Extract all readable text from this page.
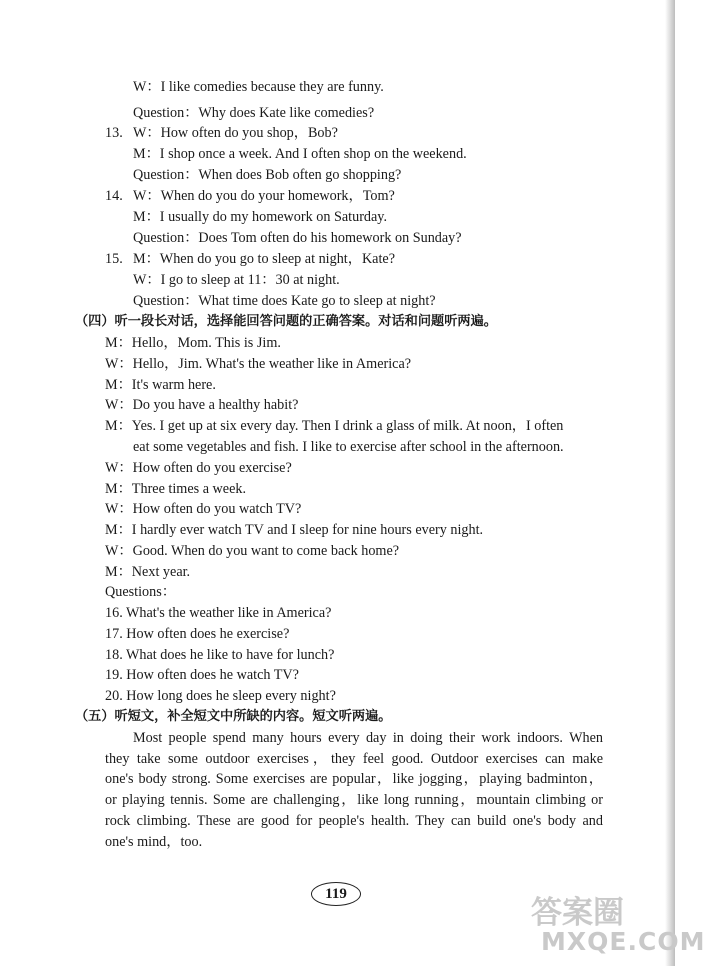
W：I like comedies because they are funny.
Question：Why does Kate like comedies?
13. W：How often do you shop，Bob?
M：I shop once a week. And I often shop on the weekend.
Question：When does Bob often go shopping?
14. W：When do you do your homework，Tom?
M：I usually do my homework on Saturday.
Question：Does Tom often do his homework on Sunday?
15. M：When do you go to sleep at night，Kate?
W：I go to sleep at 11：30 at night.
Question：What time does Kate go to sleep at night?
（四）听一段长对话，选择能回答问题的正确答案。对话和问题听两遍。
M：Hello，Mom. This is Jim.
W：Hello，Jim. What's the weather like in America?
M：It's warm here.
W：Do you have a healthy habit?
M：Yes. I get up at six every day. Then I drink a glass of milk. At noon，I often
eat some vegetables and fish. I like to exercise after school in the afternoon.
W：How often do you exercise?
M：Three times a week.
W：How often do you watch TV?
M：I hardly ever watch TV and I sleep for nine hours every night.
W：Good. When do you want to come back home?
M：Next year.
Questions：
16. What's the weather like in America?
17. How often does he exercise?
18. What does he like to have for lunch?
19. How often does he watch TV?
20. How long does he sleep every night?
（五）听短文，补全短文中所缺的内容。短文听两遍。
Most people spend many hours every day in doing their work indoors. When
they take some outdoor exercises，they feel good. Outdoor exercises can make
one's body strong. Some exercises are popular，like jogging，playing badminton，
or playing tennis. Some are challenging，like long running，mountain climbing or
rock climbing. These are good for people's health. They can build one's body and
one's mind，too.
119
答案圈
MXQE.COM
